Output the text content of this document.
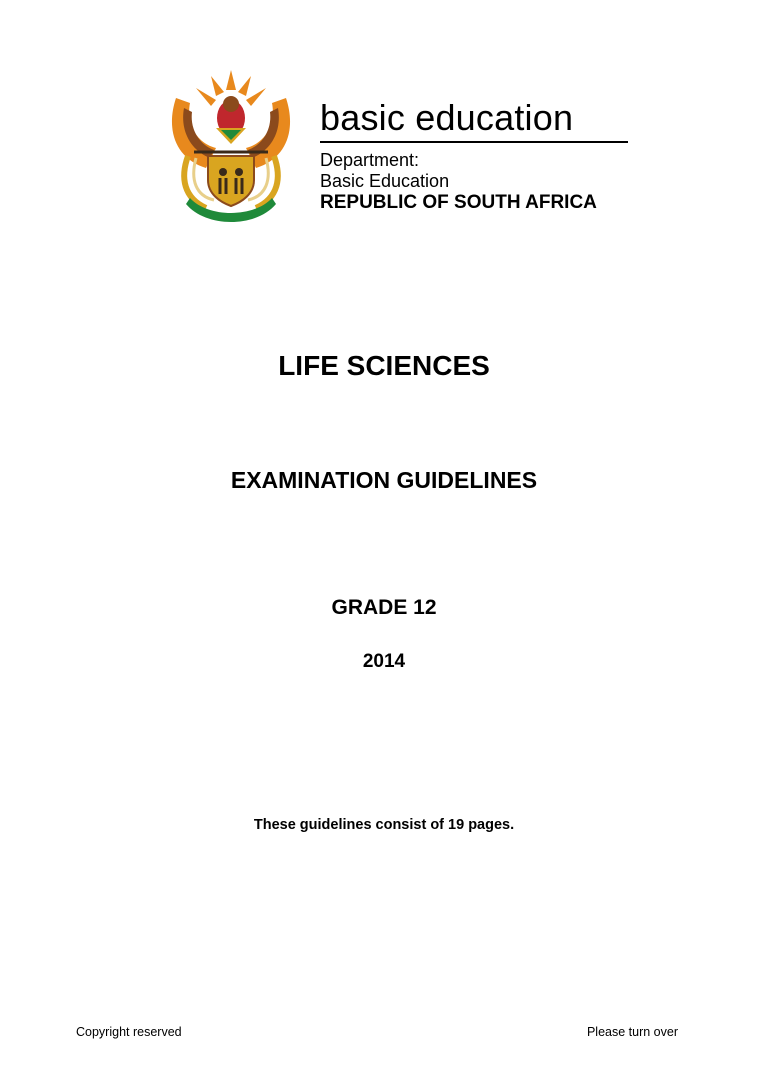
basic education
Department:
Basic Education
REPUBLIC OF SOUTH AFRICA
LIFE SCIENCES
EXAMINATION GUIDELINES
GRADE 12
2014
These guidelines consist of 19 pages.
Copyright reserved	Please turn over
